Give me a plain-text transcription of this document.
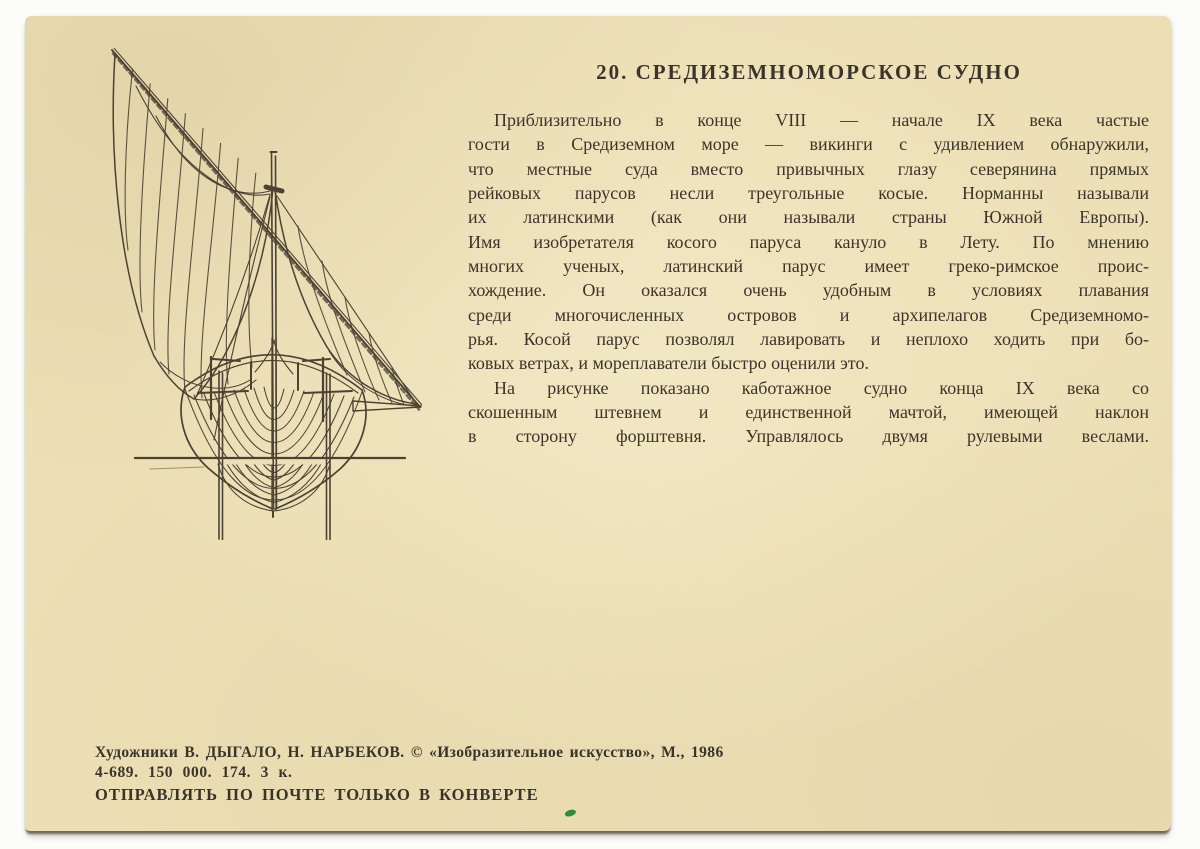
20. СРЕДИЗЕМНОМОРСКОЕ СУДНО
Приблизительно в конце VIII — начале IX века частые
гости в Средиземном море — викинги с удивлением обнаружили,
что местные суда вместо привычных глазу северянина прямых
рейковых парусов несли треугольные косые. Норманны называли
их латинскими (как они называли страны Южной Европы).
Имя изобретателя косого паруса кануло в Лету. По мнению
многих ученых, латинский парус имеет греко-римское проис-
хождение. Он оказался очень удобным в условиях плавания
среди многочисленных островов и архипелагов Средиземномо-
рья. Косой парус позволял лавировать и неплохо ходить при бо-
ковых ветрах, и мореплаватели быстро оценили это.
На рисунке показано каботажное судно конца IX века со
скошенным штевнем и единственной мачтой, имеющей наклон
в сторону форштевня. Управлялось двумя рулевыми веслами.
Художники В. ДЫГАЛО, Н. НАРБЕКОВ. © «Изобразительное искусство», М., 1986
4-689. 150 000. 174. 3 к.
ОТПРАВЛЯТЬ ПО ПОЧТЕ ТОЛЬКО В КОНВЕРТЕ
